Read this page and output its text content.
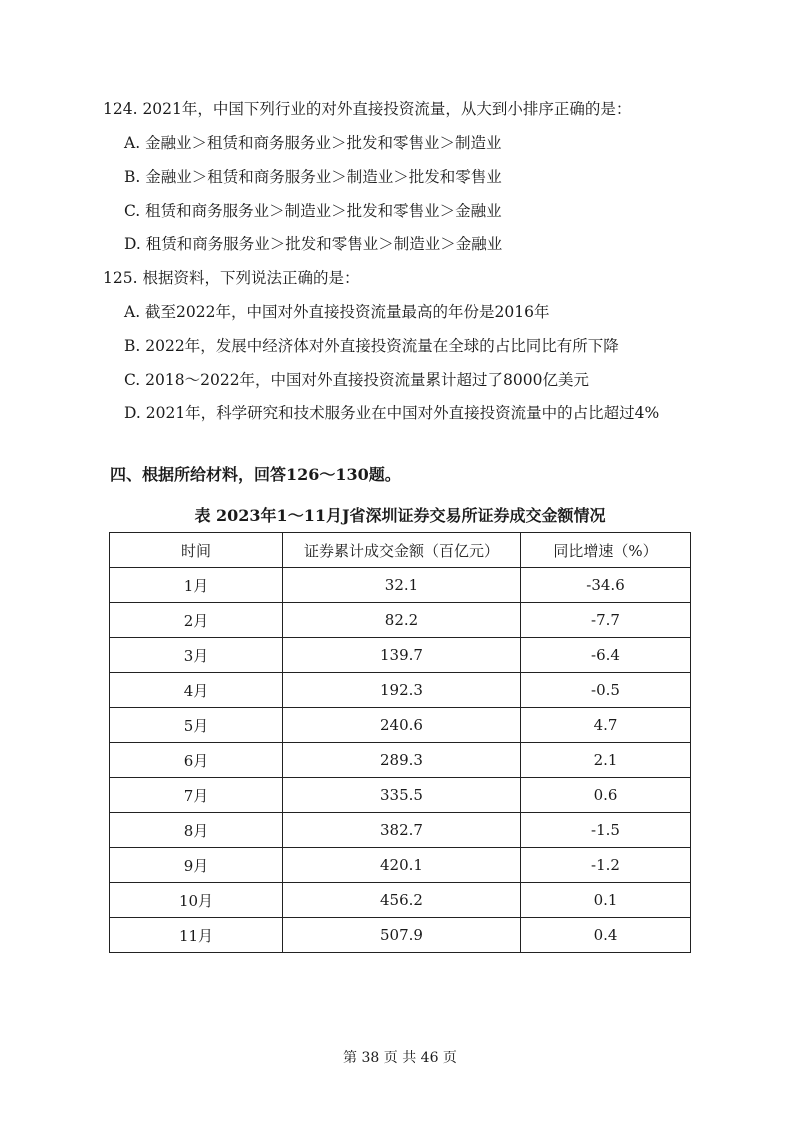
124. 2021年，中国下列行业的对外直接投资流量，从大到小排序正确的是：
A. 金融业＞租赁和商务服务业＞批发和零售业＞制造业
B. 金融业＞租赁和商务服务业＞制造业＞批发和零售业
C. 租赁和商务服务业＞制造业＞批发和零售业＞金融业
D. 租赁和商务服务业＞批发和零售业＞制造业＞金融业
125. 根据资料，下列说法正确的是：
A. 截至2022年，中国对外直接投资流量最高的年份是2016年
B. 2022年，发展中经济体对外直接投资流量在全球的占比同比有所下降
C. 2018～2022年，中国对外直接投资流量累计超过了8000亿美元
D. 2021年，科学研究和技术服务业在中国对外直接投资流量中的占比超过4%
四、根据所给材料，回答126～130题。
表 2023年1～11月J省深圳证券交易所证券成交金额情况
时间	证券累计成交金额（百亿元）	同比增速（%）
1月	32.1	-34.6
2月	82.2	-7.7
3月	139.7	-6.4
4月	192.3	-0.5
5月	240.6	4.7
6月	289.3	2.1
7月	335.5	0.6
8月	382.7	-1.5
9月	420.1	-1.2
10月	456.2	0.1
11月	507.9	0.4
第 38 页 共 46 页
